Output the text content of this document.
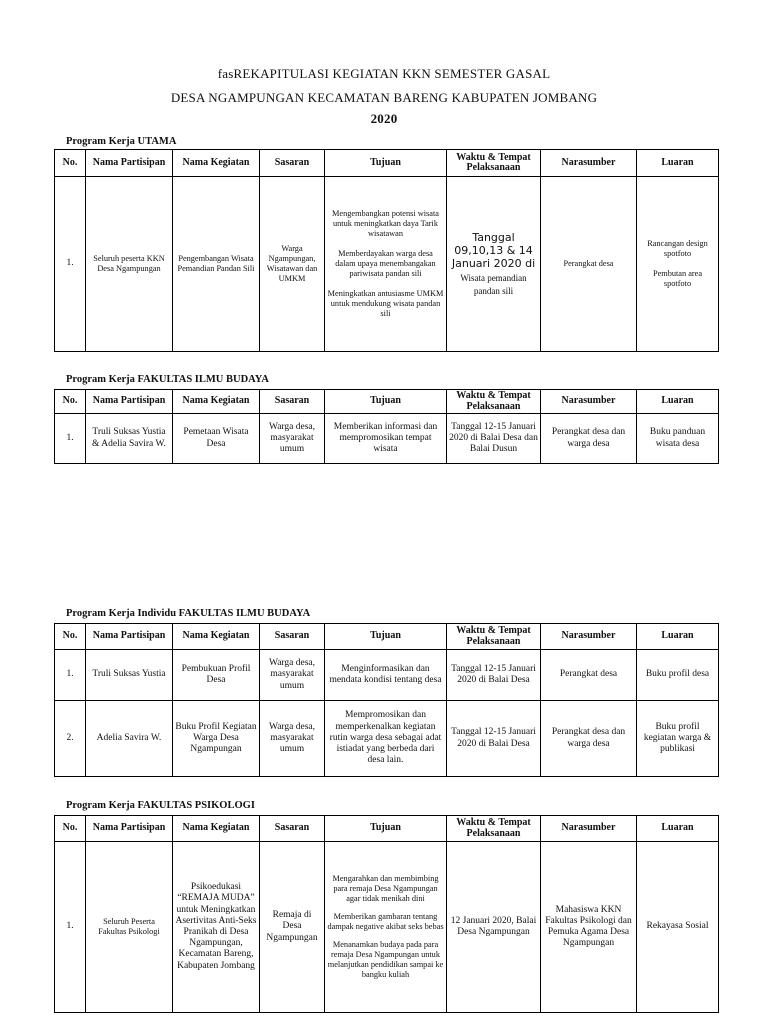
fasREKAPITULASI KEGIATAN KKN SEMESTER GASAL
DESA NGAMPUNGAN KECAMATAN BARENG KABUPATEN JOMBANG
2020
Program Kerja UTAMA
No.	Nama Partisipan	Nama Kegiatan	Sasaran	Tujuan	Waktu & Tempat Pelaksanaan	Narasumber	Luaran
1.	Seluruh peserta KKN Desa Ngampungan	Pengembangan Wisata Pemandian Pandan Sili	Warga Ngampungan, Wisatawan dan UMKM	Mengembangkan potensi wisata untuk meningkatkan daya Tarik wisatawan
Memberdayakan warga desa dalam upaya menembangakan pariwisata pandan sili
Meningkatkan antusiasme UMKM untuk mendukung wisata pandan sili	Tanggal 09,10,13 & 14 Januari 2020 di
Wisata pemandian pandan sili	Perangkat desa	Rancangan design spotfoto
Pembutan area spotfoto
Program Kerja FAKULTAS ILMU BUDAYA
No.	Nama Partisipan	Nama Kegiatan	Sasaran	Tujuan	Waktu & Tempat Pelaksanaan	Narasumber	Luaran
1.	Truli Suksas Yustia & Adelia Savira W.	Pemetaan Wisata Desa	Warga desa, masyarakat umum	Memberikan informasi dan mempromosikan tempat wisata	Tanggal 12-15 Januari 2020 di Balai Desa dan Balai Dusun	Perangkat desa dan warga desa	Buku panduan wisata desa
Program Kerja Individu FAKULTAS ILMU BUDAYA
No.	Nama Partisipan	Nama Kegiatan	Sasaran	Tujuan	Waktu & Tempat Pelaksanaan	Narasumber	Luaran
1.	Truli Suksas Yustia	Pembukuan Profil Desa	Warga desa, masyarakat umum	Menginformasikan dan mendata kondisi tentang desa	Tanggal 12-15 Januari 2020 di Balai Desa	Perangkat desa	Buku profil desa
2.	Adelia Savira W.	Buku Profil Kegiatan Warga Desa Ngampungan	Warga desa, masyarakat umum	Mempromosikan dan memperkenalkan kegiatan rutin warga desa sebagai adat istiadat yang berbeda dari desa lain.	Tanggal 12-15 Januari 2020 di Balai Desa	Perangkat desa dan warga desa	Buku profil kegiatan warga & publikasi
Program Kerja FAKULTAS PSIKOLOGI
No.	Nama Partisipan	Nama Kegiatan	Sasaran	Tujuan	Waktu & Tempat Pelaksanaan	Narasumber	Luaran
1.	Seluruh Peserta Fakultas Psikologi	Psikoedukasi “REMAJA MUDA” untuk Meningkatkan Asertivitas Anti-Seks Pranikah di Desa Ngampungan, Kecamatan Bareng, Kabupaten Jombang	Remaja di Desa Ngampungan	Mengarahkan dan membimbing para remaja Desa Ngampungan agar tidak menikah dini
Memberikan gambaran tentang dampak negative akibat seks bebas
Menanamkan budaya pada para remaja Desa Ngampungan untuk melanjutkan pendidikan sampai ke bangku kuliah	12 Januari 2020, Balai Desa Ngampungan	Mahasiswa KKN Fakultas Psikologi dan Pemuka Agama Desa Ngampungan	Rekayasa Sosial
